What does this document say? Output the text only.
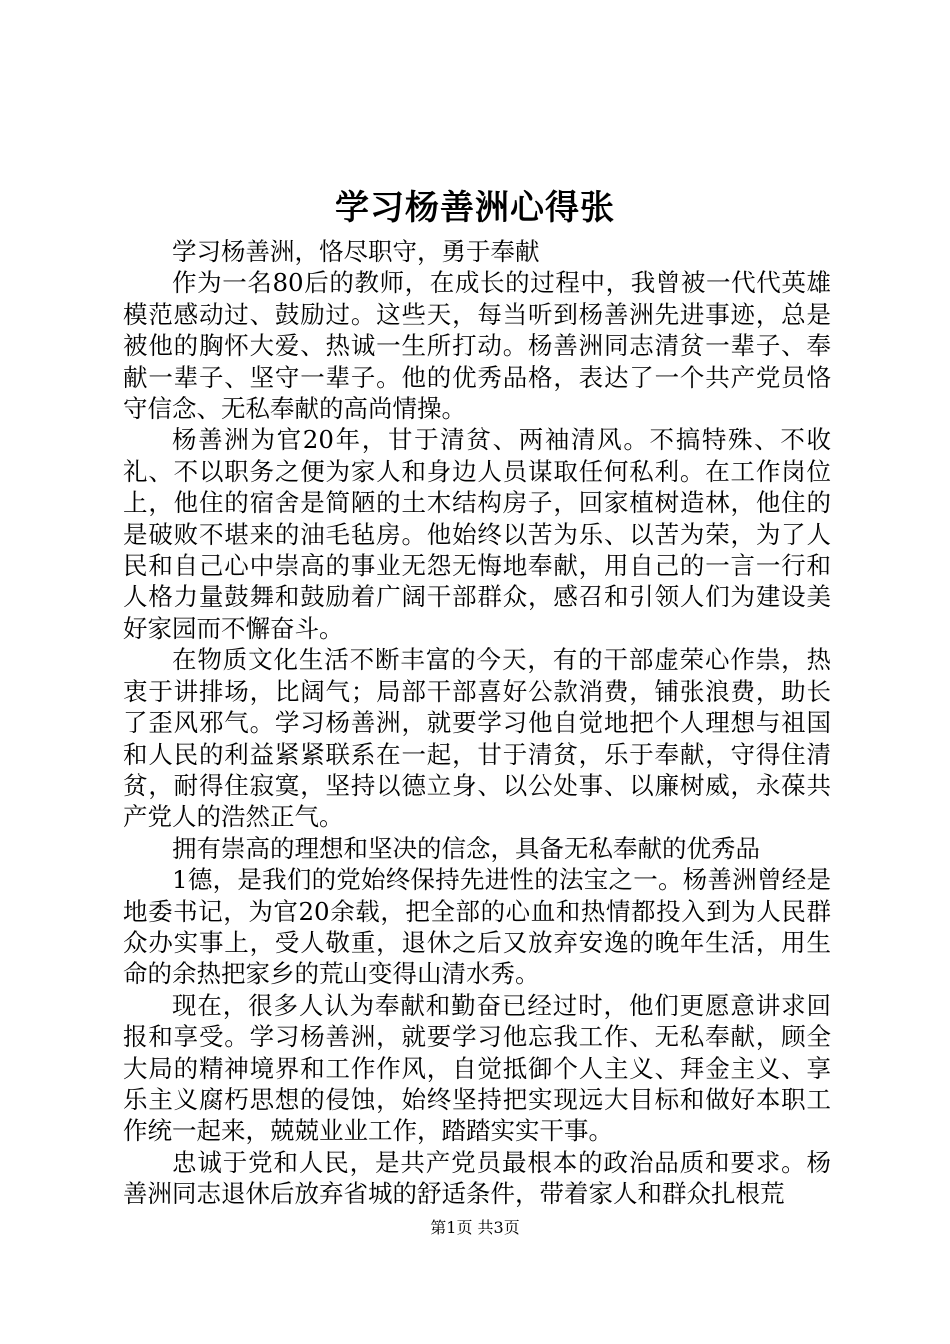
学习杨善洲心得张

学习杨善洲，恪尽职守，勇于奉献

作为一名80后的教师，在成长的过程中，我曾被一代代英雄模范感动过、鼓励过。这些天，每当听到杨善洲先进事迹，总是被他的胸怀大爱、热诚一生所打动。杨善洲同志清贫一辈子、奉献一辈子、坚守一辈子。他的优秀品格，表达了一个共产党员恪守信念、无私奉献的高尚情操。

杨善洲为官20年，甘于清贫、两袖清风。不搞特殊、不收礼、不以职务之便为家人和身边人员谋取任何私利。在工作岗位上，他住的宿舍是简陋的土木结构房子，回家植树造林，他住的是破败不堪来的油毛毡房。他始终以苦为乐、以苦为荣，为了人民和自己心中崇高的事业无怨无悔地奉献，用自己的一言一行和人格力量鼓舞和鼓励着广阔干部群众，感召和引领人们为建设美好家园而不懈奋斗。

在物质文化生活不断丰富的今天，有的干部虚荣心作祟，热衷于讲排场，比阔气；局部干部喜好公款消费，铺张浪费，助长了歪风邪气。学习杨善洲，就要学习他自觉地把个人理想与祖国和人民的利益紧紧联系在一起，甘于清贫，乐于奉献，守得住清贫，耐得住寂寞，坚持以德立身、以公处事、以廉树威，永葆共产党人的浩然正气。

拥有崇高的理想和坚决的信念，具备无私奉献的优秀品

1德，是我们的党始终保持先进性的法宝之一。杨善洲曾经是地委书记，为官20余载，把全部的心血和热情都投入到为人民群众办实事上，受人敬重，退休之后又放弃安逸的晚年生活，用生命的余热把家乡的荒山变得山清水秀。

现在，很多人认为奉献和勤奋已经过时，他们更愿意讲求回报和享受。学习杨善洲，就要学习他忘我工作、无私奉献，顾全大局的精神境界和工作作风，自觉抵御个人主义、拜金主义、享乐主义腐朽思想的侵蚀，始终坚持把实现远大目标和做好本职工作统一起来，兢兢业业工作，踏踏实实干事。

忠诚于党和人民，是共产党员最根本的政治品质和要求。杨善洲同志退休后放弃省城的舒适条件，带着家人和群众扎根荒

第1页 共3页
